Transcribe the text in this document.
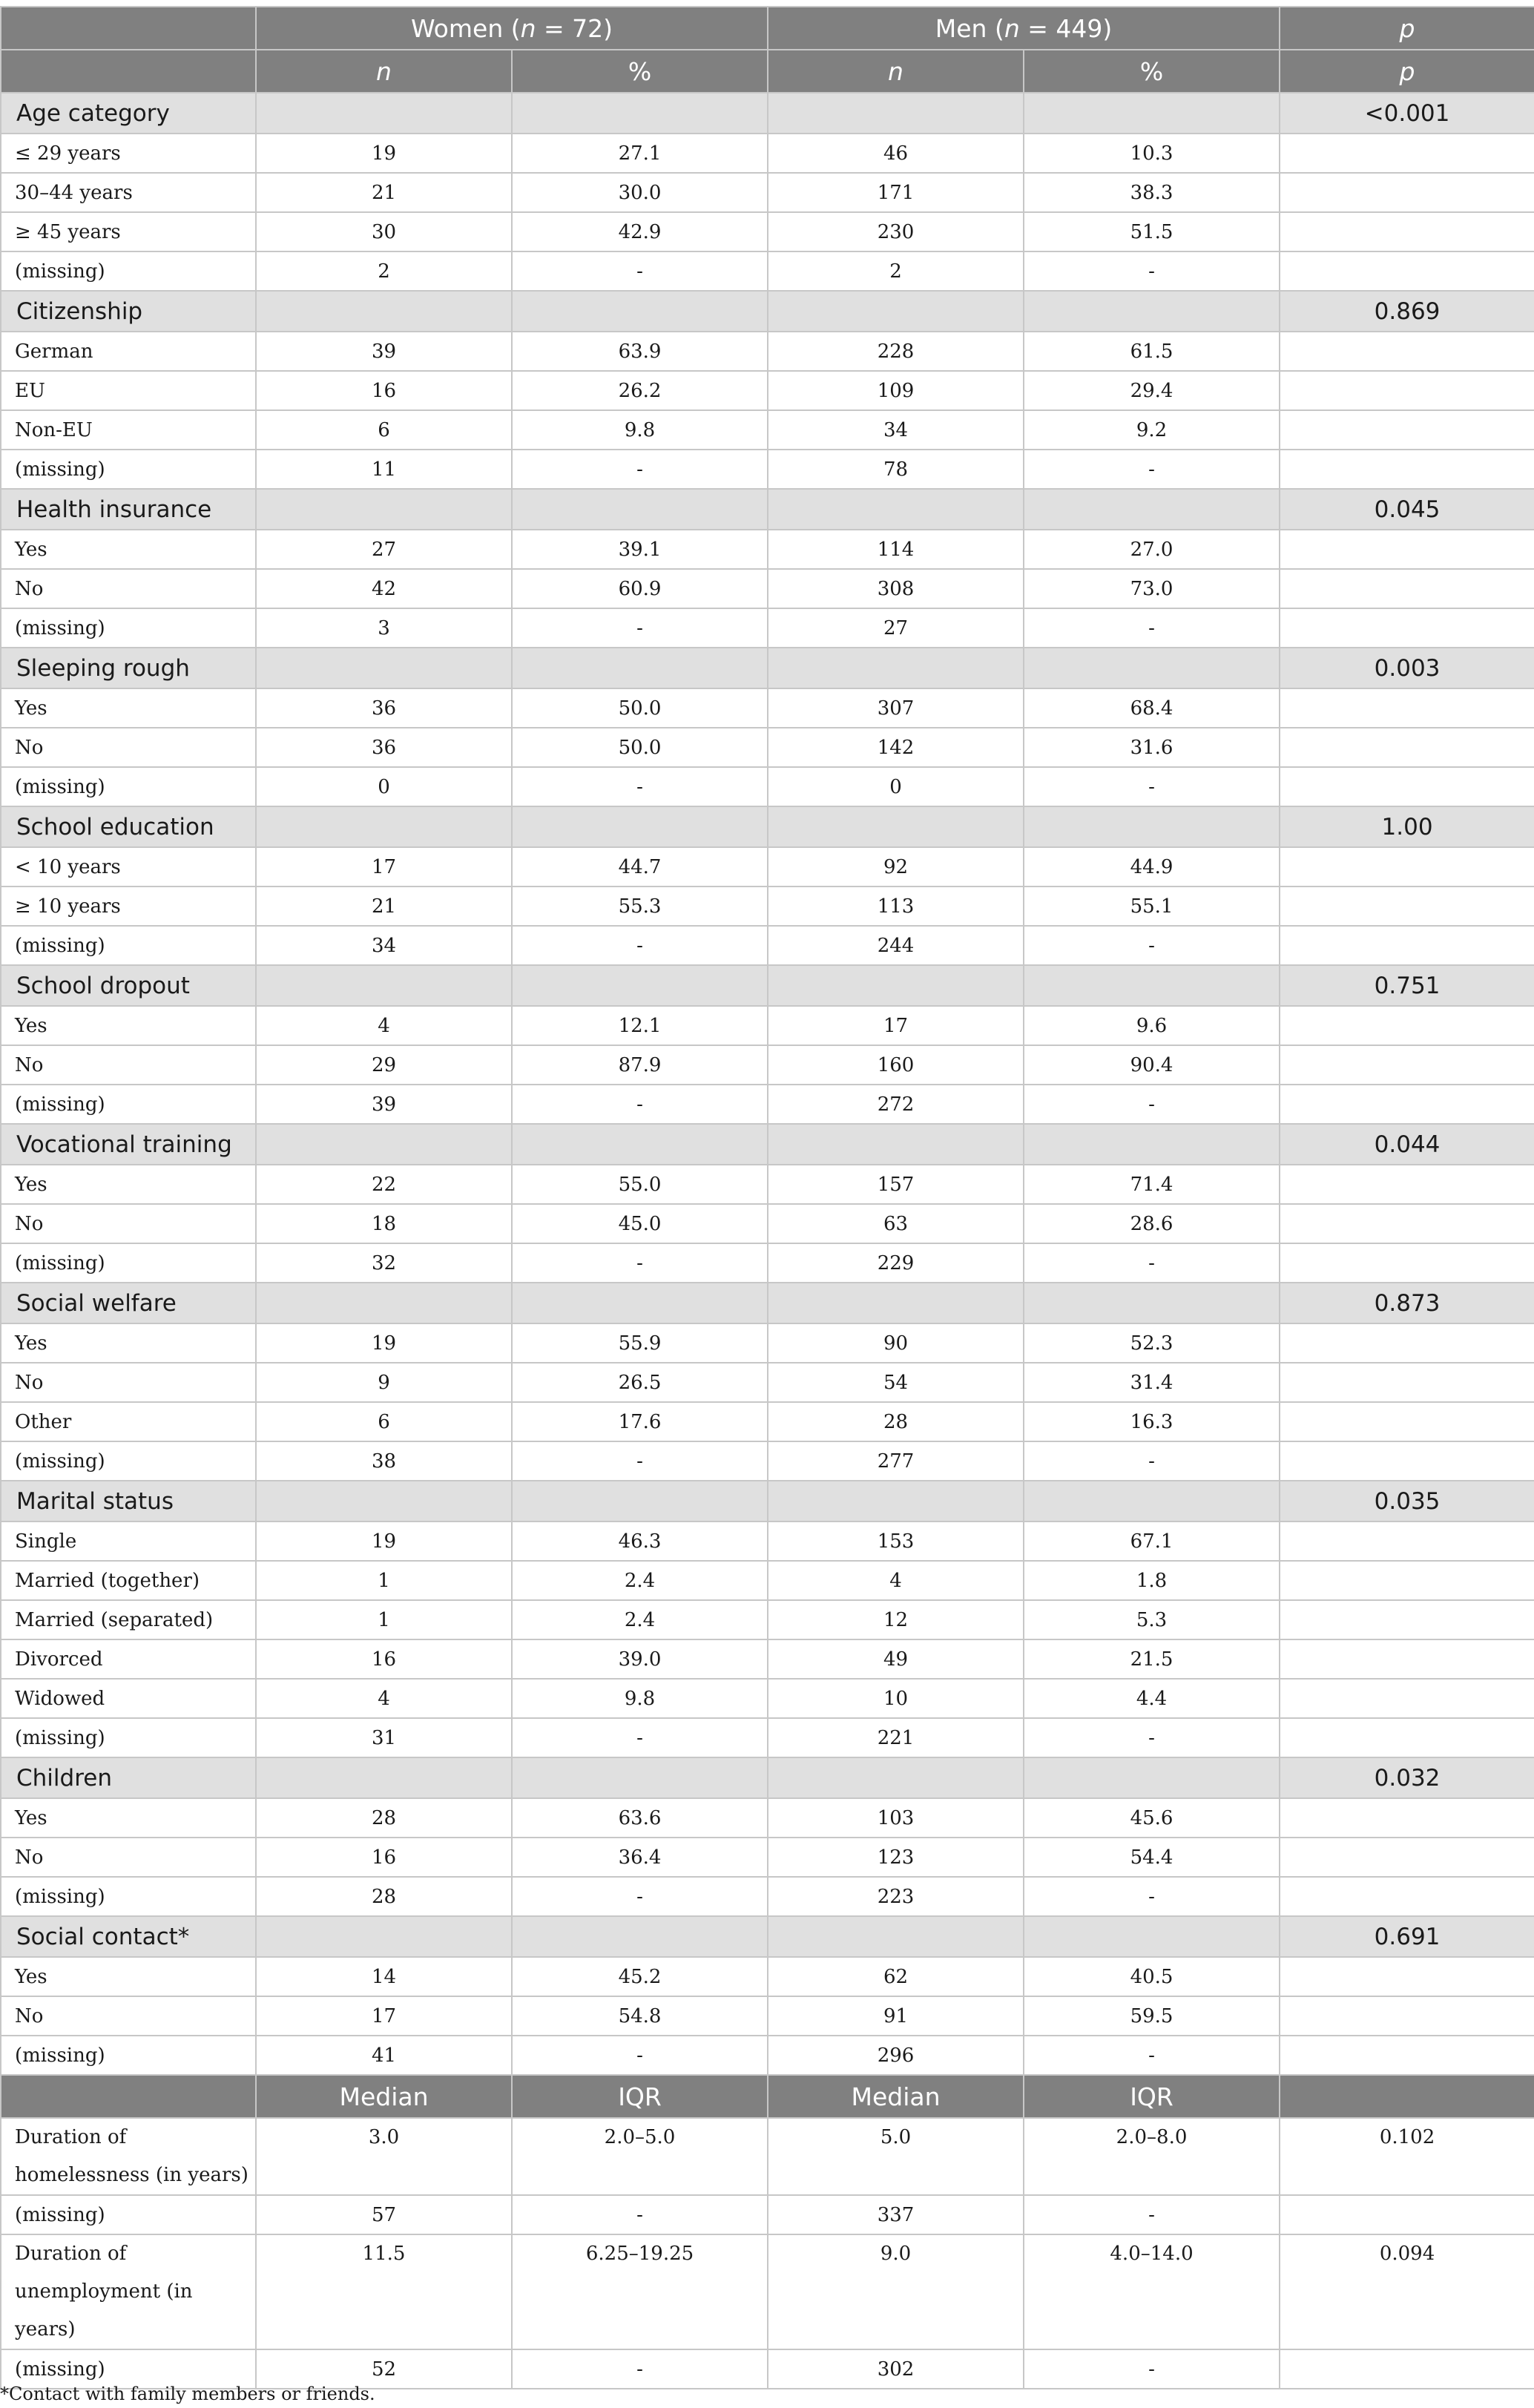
	Women (n = 72)		Men (n = 449)		p
	n	%	n	%	p
Age category					<0.001
≤ 29 years	19	27.1	46	10.3	
30–44 years	21	30.0	171	38.3	
≥ 45 years	30	42.9	230	51.5	
(missing)	2	-	2	-	
Citizenship					0.869
German	39	63.9	228	61.5	
EU	16	26.2	109	29.4	
Non-EU	6	9.8	34	9.2	
(missing)	11	-	78	-	
Health insurance					0.045
Yes	27	39.1	114	27.0	
No	42	60.9	308	73.0	
(missing)	3	-	27	-	
Sleeping rough					0.003
Yes	36	50.0	307	68.4	
No	36	50.0	142	31.6	
(missing)	0	-	0	-	
School education					1.00
< 10 years	17	44.7	92	44.9	
≥ 10 years	21	55.3	113	55.1	
(missing)	34	-	244	-	
School dropout					0.751
Yes	4	12.1	17	9.6	
No	29	87.9	160	90.4	
(missing)	39	-	272	-	
Vocational training					0.044
Yes	22	55.0	157	71.4	
No	18	45.0	63	28.6	
(missing)	32	-	229	-	
Social welfare					0.873
Yes	19	55.9	90	52.3	
No	9	26.5	54	31.4	
Other	6	17.6	28	16.3	
(missing)	38	-	277	-	
Marital status					0.035
Single	19	46.3	153	67.1	
Married (together)	1	2.4	4	1.8	
Married (separated)	1	2.4	12	5.3	
Divorced	16	39.0	49	21.5	
Widowed	4	9.8	10	4.4	
(missing)	31	-	221	-	
Children					0.032
Yes	28	63.6	103	45.6	
No	16	36.4	123	54.4	
(missing)	28	-	223	-	
Social contact*					0.691
Yes	14	45.2	62	40.5	
No	17	54.8	91	59.5	
(missing)	41	-	296	-	
	Median	IQR	Median	IQR	
Duration of homelessness (in years)	3.0	2.0–5.0	5.0	2.0–8.0	0.102
(missing)	57	-	337	-	
Duration of unemployment (in years)	11.5	6.25–19.25	9.0	4.0–14.0	0.094
(missing)	52	-	302	-	
*Contact with family members or friends.
